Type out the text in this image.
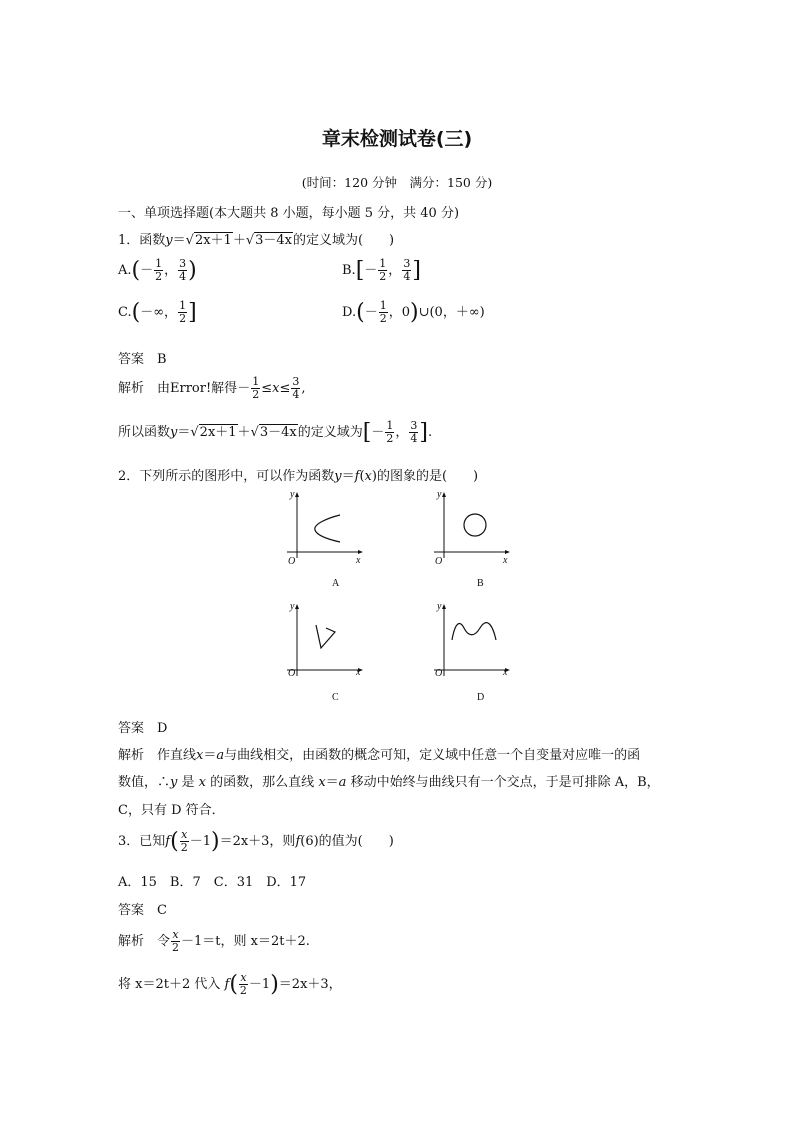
章末检测试卷(三)
(时间：120 分钟　满分：150 分)
一、单项选择题(本大题共 8 小题，每小题 5 分，共 40 分)
1．函数y＝√2x＋1＋√3－4x的定义域为(　　)
$A.(- \frac{1}{2}$ ， $\frac{3}{4}$ )	$B.[- \frac{1}{2}$ ， $\frac{3}{4}$ ]
C.(－∞， $\frac{1}{2}$ ]	$D.(- \frac{1}{2}$ ，0)∪(0，＋∞)
答案　B
解析　由Error!解得－ $\frac{1}{2} \le x\le \frac{3}{4}$ ,
所以函数y＝√2x＋1＋√3－4x的定义域为[－ $\frac{1}{2}$ ， $\frac{3}{4}$ ].
2．下列所示的图形中，可以作为函数y＝f(x)的图象的是(　　)
y
x
O
A
y
x
O
B
y
x
O
C
y
x
O
D
答案　D
解析　作直线x＝a与曲线相交，由函数的概念可知，定义域中任意一个自变量对应唯一的函
数值，∴y 是 x 的函数，那么直线 x＝a 移动中始终与曲线只有一个交点，于是可排除 A，B，
C，只有 D 符合．
3．已知$f( \frac{x}{2} -1)=2x+3$，则f(6)的值为(　　)
A．15　B．7　C．31　D．17
答案　C
解析　令 $\frac{x}{2} -1=t$，则 x＝2t＋2.
将 x＝2t＋2 代入 $f( \frac{x}{2} -1)=2x+3$，
